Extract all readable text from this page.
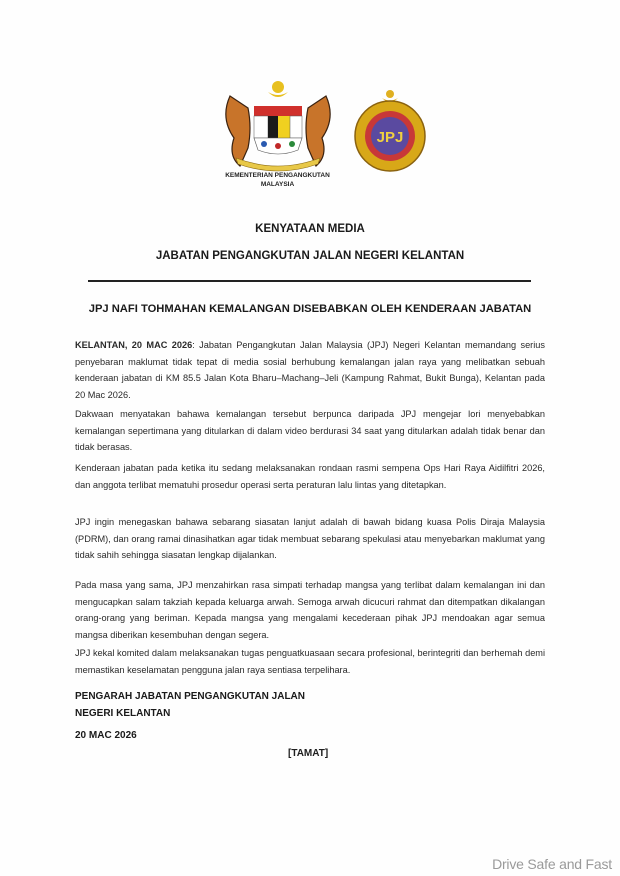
JPJ
KEMENTERIAN PENGANGKUTAN
MALAYSIA
KENYATAAN MEDIA
JABATAN PENGANGKUTAN JALAN NEGERI KELANTAN
JPJ NAFI TOHMAHAN KEMALANGAN DISEBABKAN OLEH KENDERAAN JABATAN
KELANTAN, 20 MAC 2026: Jabatan Pengangkutan Jalan Malaysia (JPJ) Negeri Kelantan memandang serius penyebaran maklumat tidak tepat di media sosial berhubung kemalangan jalan raya yang melibatkan sebuah kenderaan jabatan di KM 85.5 Jalan Kota Bharu–Machang–Jeli (Kampung Rahmat, Bukit Bunga), Kelantan pada 20 Mac 2026.
Dakwaan menyatakan bahawa kemalangan tersebut berpunca daripada JPJ mengejar lori menyebabkan kemalangan sepertimana yang ditularkan di dalam video berdurasi 34 saat yang ditularkan adalah tidak benar dan tidak berasas.
Kenderaan jabatan pada ketika itu sedang melaksanakan rondaan rasmi sempena Ops Hari Raya Aidilfitri 2026, dan anggota terlibat mematuhi prosedur operasi serta peraturan lalu lintas yang ditetapkan.
JPJ ingin menegaskan bahawa sebarang siasatan lanjut adalah di bawah bidang kuasa Polis Diraja Malaysia (PDRM), dan orang ramai dinasihatkan agar tidak membuat sebarang spekulasi atau menyebarkan maklumat yang tidak sahih sehingga siasatan lengkap dijalankan.
Pada masa yang sama, JPJ menzahirkan rasa simpati terhadap mangsa yang terlibat dalam kemalangan ini dan mengucapkan salam takziah kepada keluarga arwah. Semoga arwah dicucuri rahmat dan ditempatkan dikalangan orang-orang yang beriman. Kepada mangsa yang mengalami kecederaan pihak JPJ mendoakan agar semua mangsa diberikan kesembuhan dengan segera.
JPJ kekal komited dalam melaksanakan tugas penguatkuasaan secara profesional, berintegriti dan berhemah demi memastikan keselamatan pengguna jalan raya sentiasa terpelihara.
PENGARAH JABATAN PENGANGKUTAN JALAN
NEGERI KELANTAN
20 MAC 2026
[TAMAT]
Drive Safe and Fast
